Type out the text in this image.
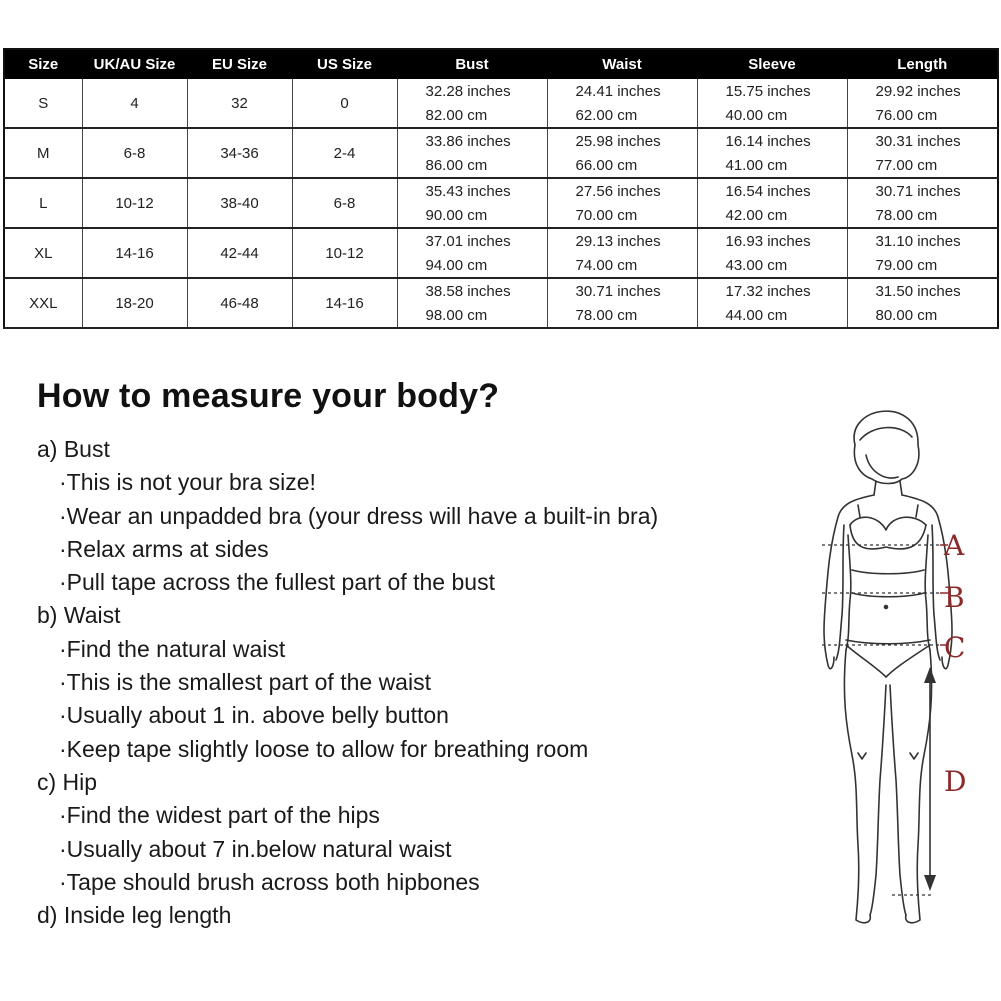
Size	UK/AU Size	EU Size	US Size	Bust	Waist	Sleeve	Length
S	4	32	0	32.28 inches	24.41 inches	15.75 inches	29.92 inches
				82.00 cm	62.00 cm	40.00 cm	76.00 cm
M	6-8	34-36	2-4	33.86 inches	25.98 inches	16.14 inches	30.31 inches
				86.00 cm	66.00 cm	41.00 cm	77.00 cm
L	10-12	38-40	6-8	35.43 inches	27.56 inches	16.54 inches	30.71 inches
				90.00 cm	70.00 cm	42.00 cm	78.00 cm
XL	14-16	42-44	10-12	37.01 inches	29.13 inches	16.93 inches	31.10 inches
				94.00 cm	74.00 cm	43.00 cm	79.00 cm
XXL	18-20	46-48	14-16	38.58 inches	30.71 inches	17.32 inches	31.50 inches
				98.00 cm	78.00 cm	44.00 cm	80.00 cm
How to measure your body?
a) Bust
·This is not your bra size!
·Wear an unpadded bra (your dress will have a built-in bra)
·Relax arms at sides
·Pull tape across the fullest part of the bust
b) Waist
·Find the natural waist
·This is the smallest part of the waist
·Usually about 1 in. above belly button
·Keep tape slightly loose to allow for breathing room
c) Hip
·Find the widest part of the hips
·Usually about 7 in.below natural waist
·Tape should brush across both hipbones
d) Inside leg length
A
B
C
D
